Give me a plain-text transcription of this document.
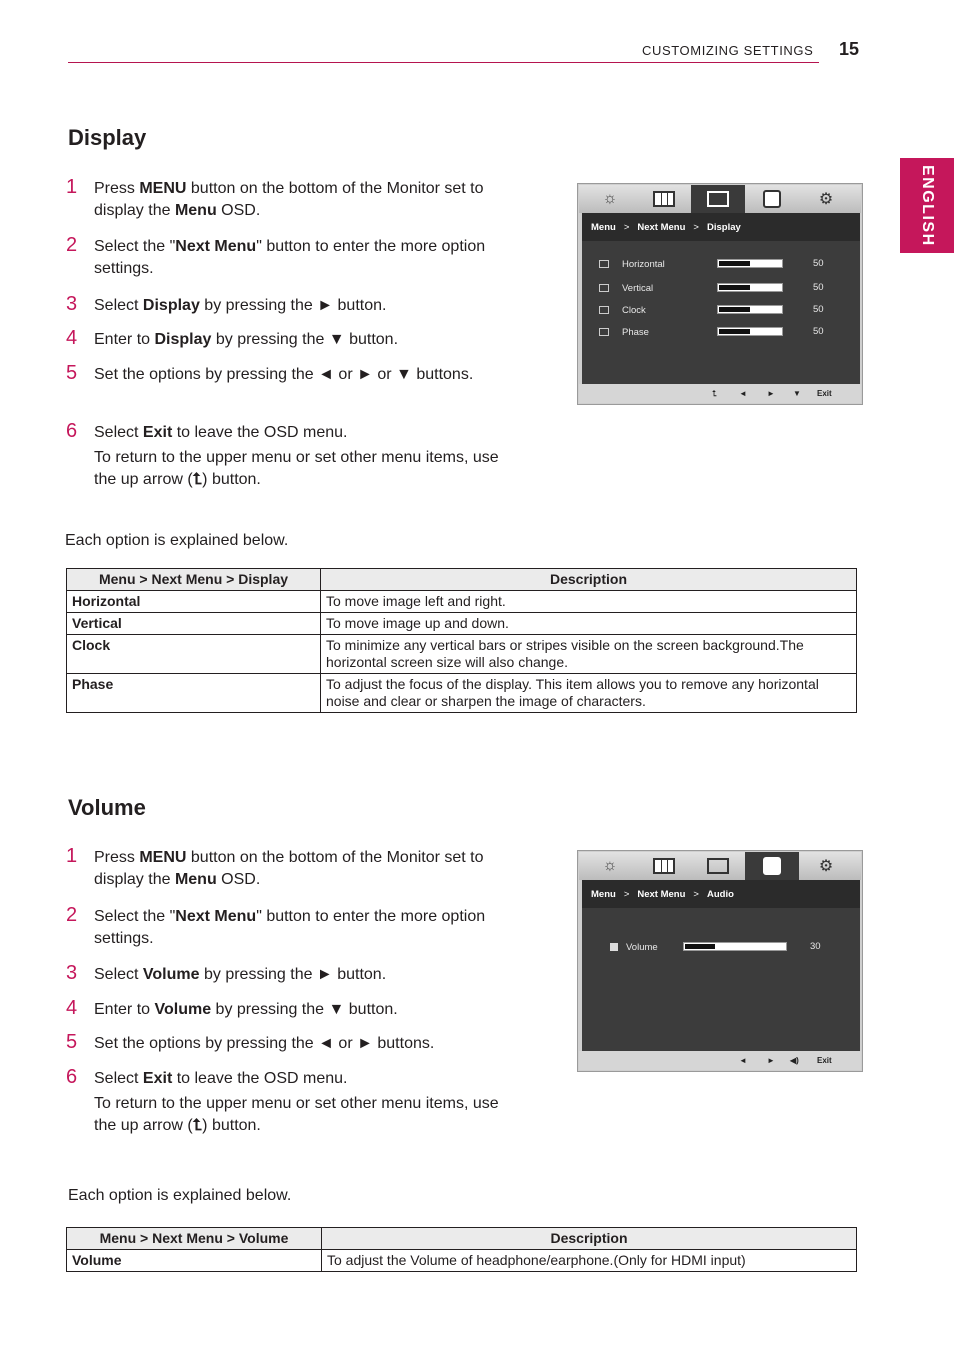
CUSTOMIZING SETTINGS 15
ENGLISH
Display
1 Press MENU button on the bottom of the Monitor set to display the Menu OSD.
2 Select the "Next Menu" button to enter the more option settings.
3 Select Display by pressing the ► button.
4 Enter to Display by pressing the ▼ button.
5 Set the options by pressing the ◄ or ► or ▼ buttons.
6 Select Exit to leave the OSD menu.
To return to the upper menu or set other menu items, use the up arrow (⮤) button.
Each option is explained below.
Menu > Next Menu > Display	Description
Horizontal	To move image left and right.
Vertical	To move image up and down.
Clock	To minimize any vertical bars or stripes visible on the screen background.The horizontal screen size will also change.
Phase	To adjust the focus of the display. This item allows you to remove any horizontal noise and clear or sharpen the image of characters.
☼	⚙
Menu > Next Menu > Display
Horizontal	50
Vertical	50
Clock	50
Phase	50
⮤	◄	► ▼ Exit
Volume
1 Press MENU button on the bottom of the Monitor set to display the Menu OSD.
2 Select the "Next Menu" button to enter the more option settings.
3 Select Volume by pressing the ► button.
4 Enter to Volume by pressing the ▼ button.
5 Set the options by pressing the ◄ or ► buttons.
6 Select Exit to leave the OSD menu.
To return to the upper menu or set other menu items, use the up arrow (⮤) button.
Each option is explained below.
Menu > Next Menu > Volume	Description
Volume	To adjust the Volume of headphone/earphone.(Only for HDMI input)
☼	⚙
Menu > Next Menu > Audio
Volume	30
◄	► ◀) Exit
